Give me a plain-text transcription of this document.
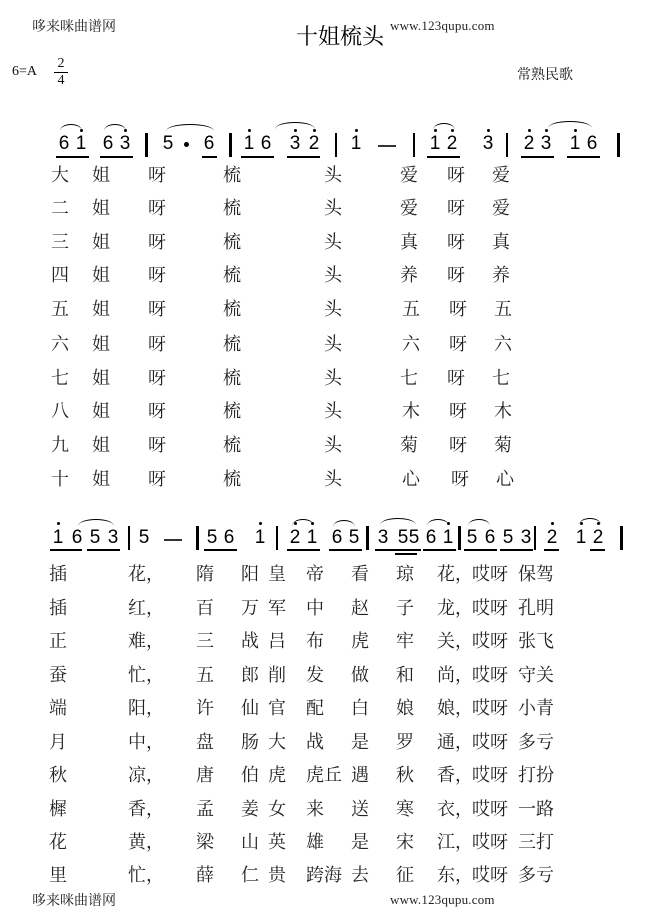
哆来咪曲谱网	十姐梳头 www.123qupu.com
6=A
2
4	常熟民歌
6 1 6 3 5 6 1 6 3 2 1	1 2 3 2 3 1 6
大 姐 呀	梳	头	爱 呀 爱
二 姐 呀	梳	头	爱 呀 爱
三 姐 呀	梳	头	真 呀 真
四 姐 呀	梳	头	养 呀 养
五 姐 呀	梳	头	五 呀 五
六 姐 呀	梳	头	六 呀 六
七 姐 呀	梳	头	七 呀 七
八 姐 呀	梳	头	木 呀 木
九 姐 呀	梳	头	菊 呀 菊
十 姐 呀	梳	头	心 呀 心
1 6 5 3 5	5 6 1 2 1 6 5 3 5 5 6 1 5 6 5 3 2 1 2
插	花， 隋 阳 皇 帝 看 琼 花， 哎呀 保驾
插	红， 百 万 军 中 赵 子 龙， 哎呀 孔明
正	难， 三 战 吕 布 虎 牢 关， 哎呀 张飞
蚕	忙， 五 郎 削 发 做 和 尚， 哎呀 守关
端	阳， 许 仙 官 配 白 娘 娘， 哎呀 小青
月	中， 盘 肠 大 战 是 罗 通， 哎呀 多亏
秋	凉， 唐 伯 虎 虎丘 遇 秋 香， 哎呀 打扮
樨	香， 孟 姜 女 来 送 寒 衣， 哎呀 一路
花	黄， 梁 山 英 雄 是 宋 江， 哎呀 三打
里	忙， 薛 仁 贵 跨海 去 征 东， 哎呀 多亏
哆来咪曲谱网	www.123qupu.com
